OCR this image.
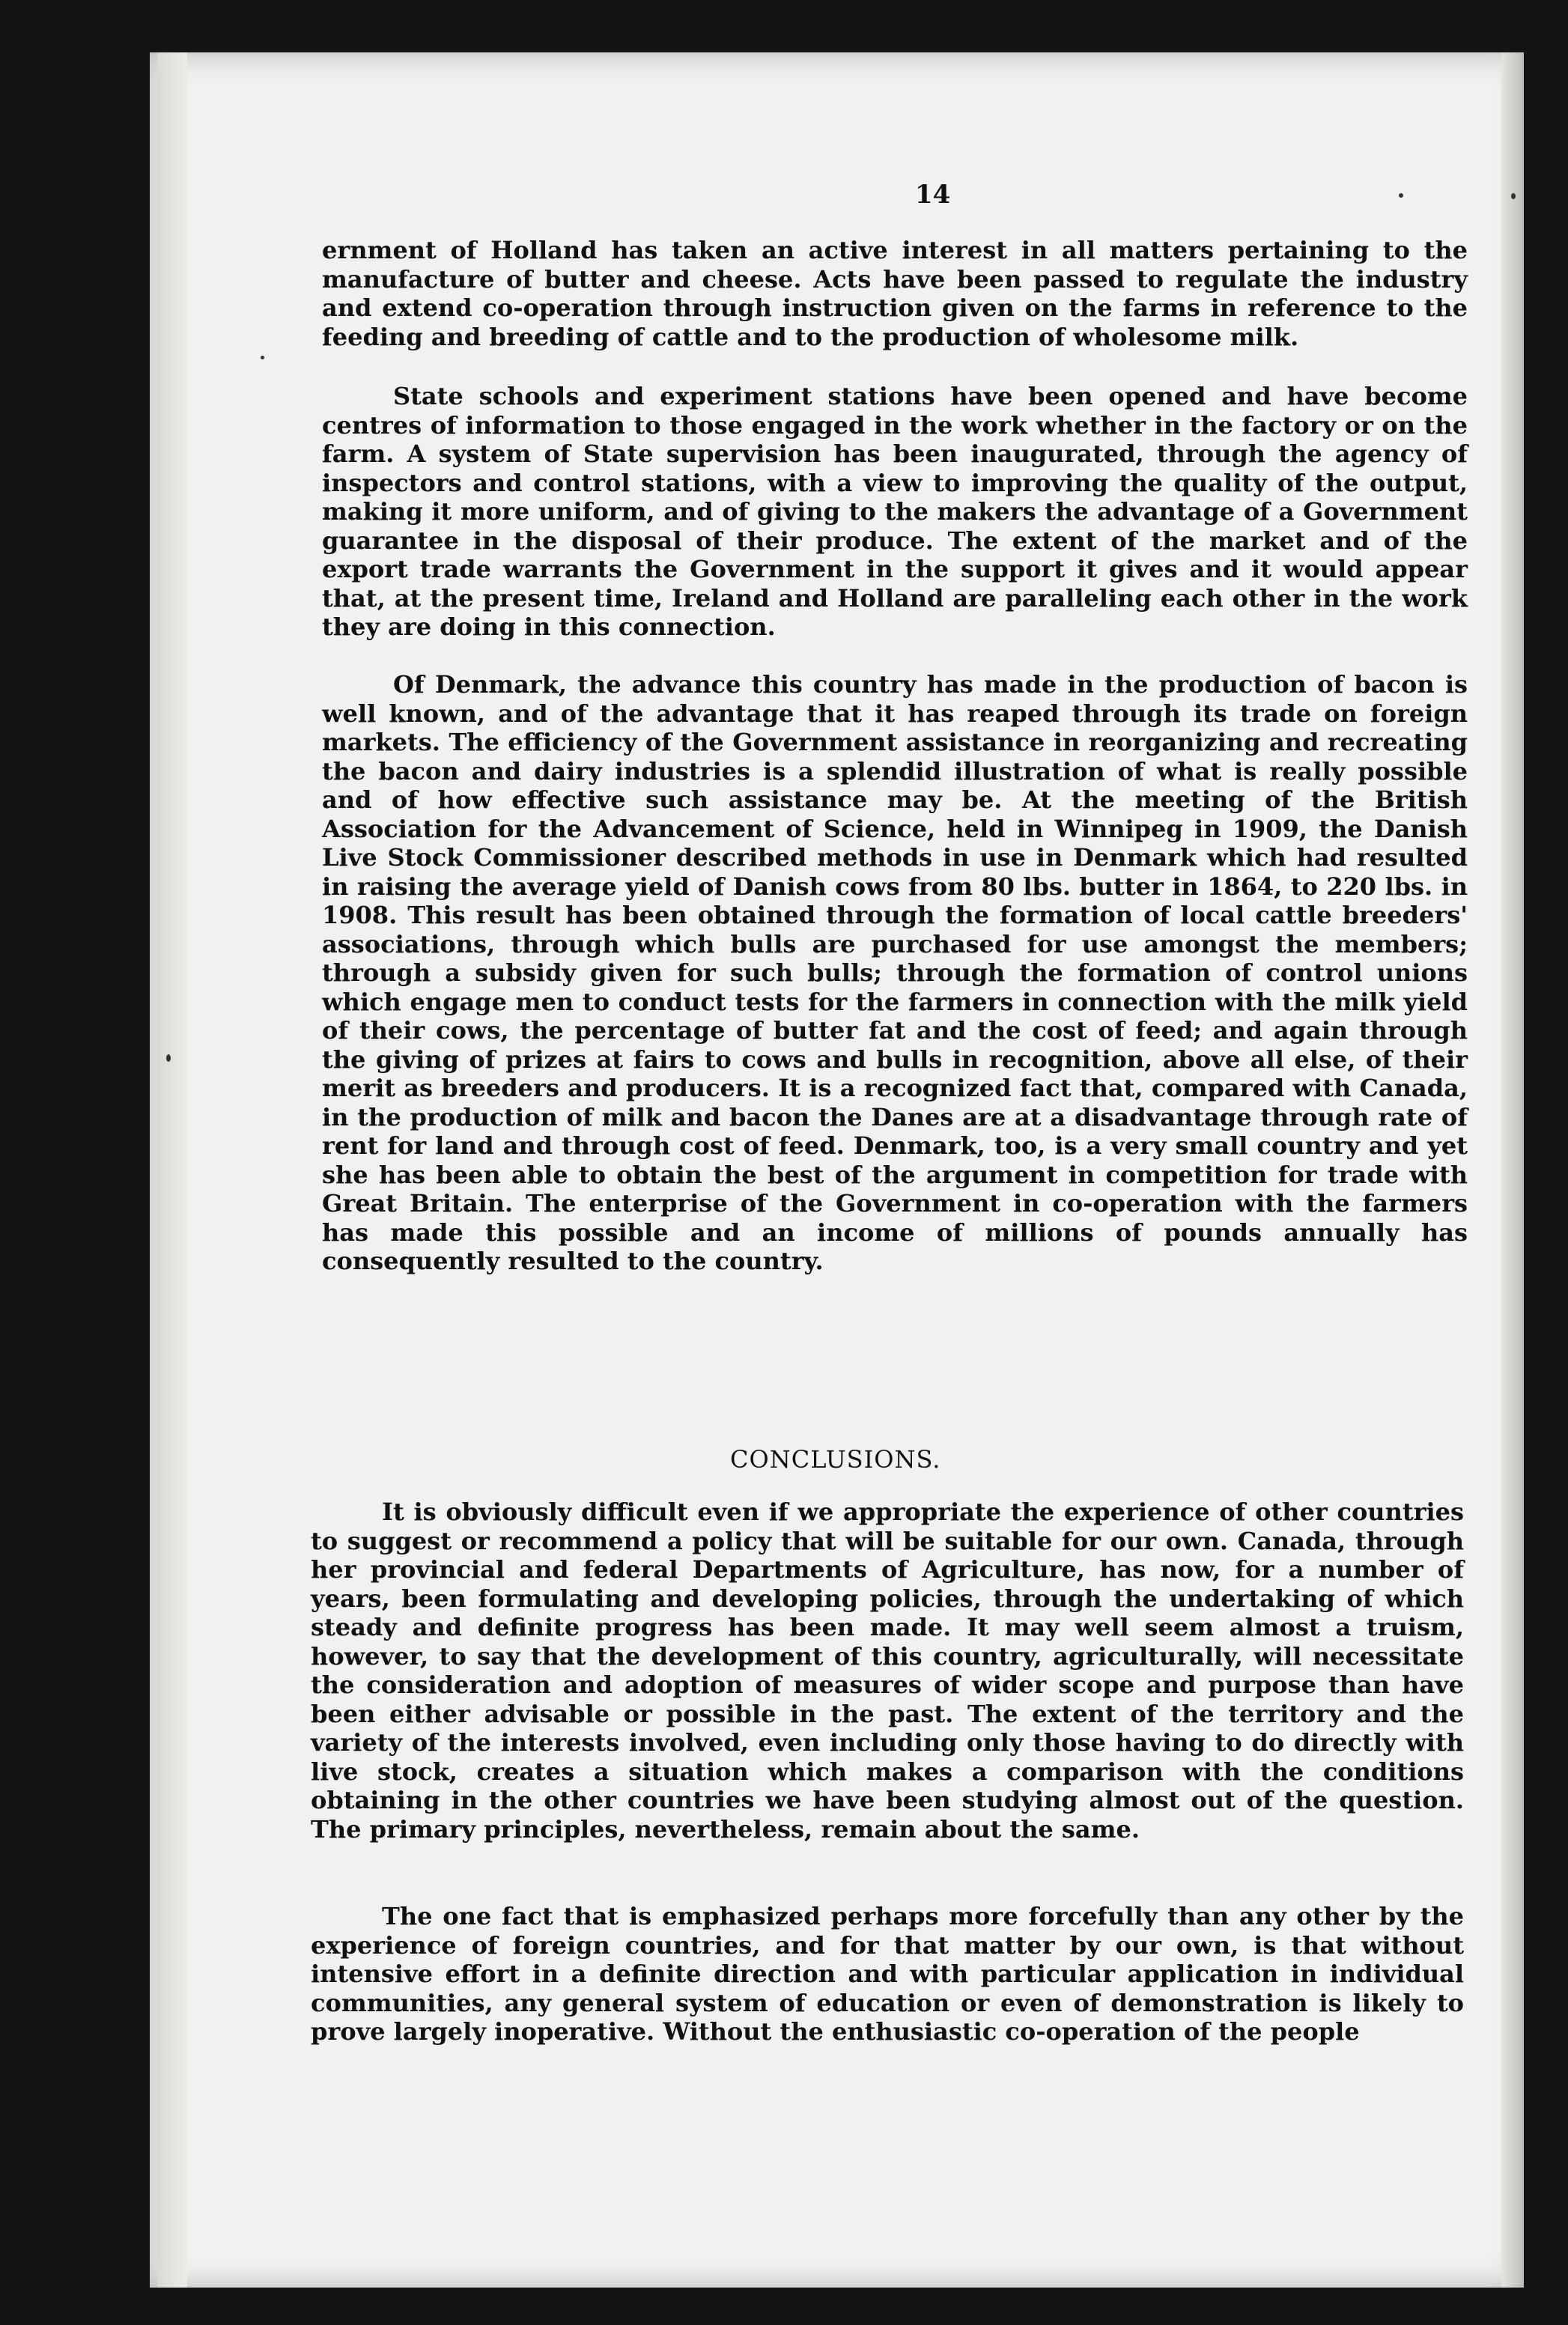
14
ernment of Holland has taken an active interest in all matters pertaining to the manufacture of butter and cheese. Acts have been passed to regulate the industry and extend co-operation through instruction given on the farms in reference to the feeding and breeding of cattle and to the production of wholesome milk.
State schools and experiment stations have been opened and have become centres of information to those engaged in the work whether in the factory or on the farm. A system of State supervision has been inaugurated, through the agency of inspectors and control stations, with a view to improving the quality of the output, making it more uniform, and of giving to the makers the advantage of a Government guarantee in the disposal of their produce. The extent of the market and of the export trade warrants the Government in the support it gives and it would appear that, at the present time, Ireland and Holland are paralleling each other in the work they are doing in this connection.
Of Denmark, the advance this country has made in the production of bacon is well known, and of the advantage that it has reaped through its trade on foreign markets. The efficiency of the Government assistance in reorganizing and recreating the bacon and dairy industries is a splendid illustration of what is really possible and of how effective such assistance may be. At the meeting of the British Association for the Advancement of Science, held in Winnipeg in 1909, the Danish Live Stock Commissioner described methods in use in Denmark which had resulted in raising the average yield of Danish cows from 80 lbs. butter in 1864, to 220 lbs. in 1908. This result has been obtained through the formation of local cattle breeders' associations, through which bulls are purchased for use amongst the members; through a subsidy given for such bulls; through the formation of control unions which engage men to conduct tests for the farmers in connection with the milk yield of their cows, the percentage of butter fat and the cost of feed; and again through the giving of prizes at fairs to cows and bulls in recognition, above all else, of their merit as breeders and producers. It is a recognized fact that, compared with Canada, in the production of milk and bacon the Danes are at a disadvantage through rate of rent for land and through cost of feed. Denmark, too, is a very small country and yet she has been able to obtain the best of the argument in competition for trade with Great Britain. The enterprise of the Government in co-operation with the farmers has made this possible and an income of millions of pounds annually has consequently resulted to the country.
CONCLUSIONS.
It is obviously difficult even if we appropriate the experience of other countries to suggest or recommend a policy that will be suitable for our own. Canada, through her provincial and federal Departments of Agriculture, has now, for a number of years, been formulating and developing policies, through the undertaking of which steady and definite progress has been made. It may well seem almost a truism, however, to say that the development of this country, agriculturally, will necessitate the consideration and adoption of measures of wider scope and purpose than have been either advisable or possible in the past. The extent of the territory and the variety of the interests involved, even including only those having to do directly with live stock, creates a situation which makes a comparison with the conditions obtaining in the other countries we have been studying almost out of the question. The primary principles, nevertheless, remain about the same.
The one fact that is emphasized perhaps more forcefully than any other by the experience of foreign countries, and for that matter by our own, is that without intensive effort in a definite direction and with particular application in individual communities, any general system of education or even of demonstration is likely to prove largely inoperative. Without the enthusiastic co-operation of the people
